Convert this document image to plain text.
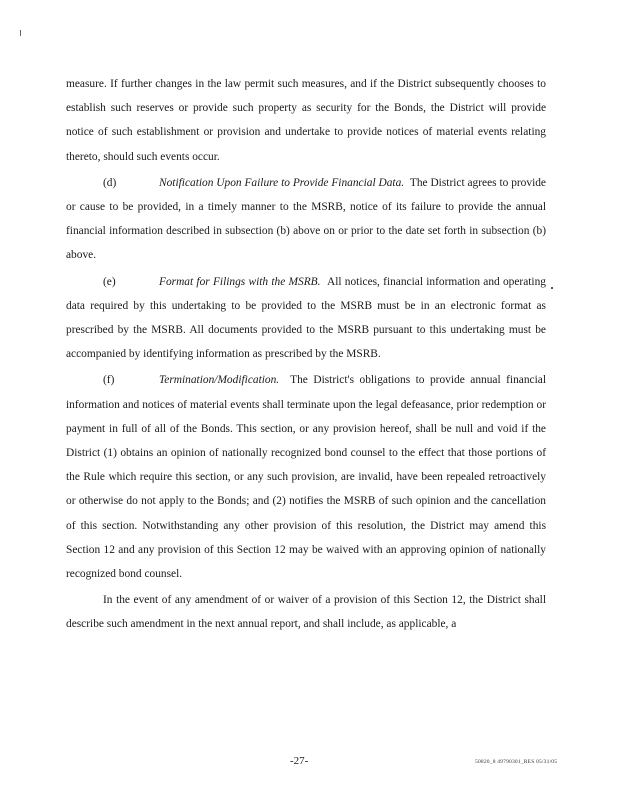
measure. If further changes in the law permit such measures, and if the District subsequently chooses to establish such reserves or provide such property as security for the Bonds, the District will provide notice of such establishment or provision and undertake to provide notices of material events relating thereto, should such events occur.

(d)	Notification Upon Failure to Provide Financial Data. The District agrees to provide or cause to be provided, in a timely manner to the MSRB, notice of its failure to provide the annual financial information described in subsection (b) above on or prior to the date set forth in subsection (b) above.

(e)	Format for Filings with the MSRB. All notices, financial information and operating data required by this undertaking to be provided to the MSRB must be in an electronic format as prescribed by the MSRB. All documents provided to the MSRB pursuant to this undertaking must be accompanied by identifying information as prescribed by the MSRB.

(f)	Termination/Modification. The District's obligations to provide annual financial information and notices of material events shall terminate upon the legal defeasance, prior redemption or payment in full of all of the Bonds. This section, or any provision hereof, shall be null and void if the District (1) obtains an opinion of nationally recognized bond counsel to the effect that those portions of the Rule which require this section, or any such provision, are invalid, have been repealed retroactively or otherwise do not apply to the Bonds; and (2) notifies the MSRB of such opinion and the cancellation of this section. Notwithstanding any other provision of this resolution, the District may amend this Section 12 and any provision of this Section 12 may be waived with an approving opinion of nationally recognized bond counsel.

In the event of any amendment of or waiver of a provision of this Section 12, the District shall describe such amendment in the next annual report, and shall include, as applicable, a

-27-	50820_8 49790301_RES 05/31/05
